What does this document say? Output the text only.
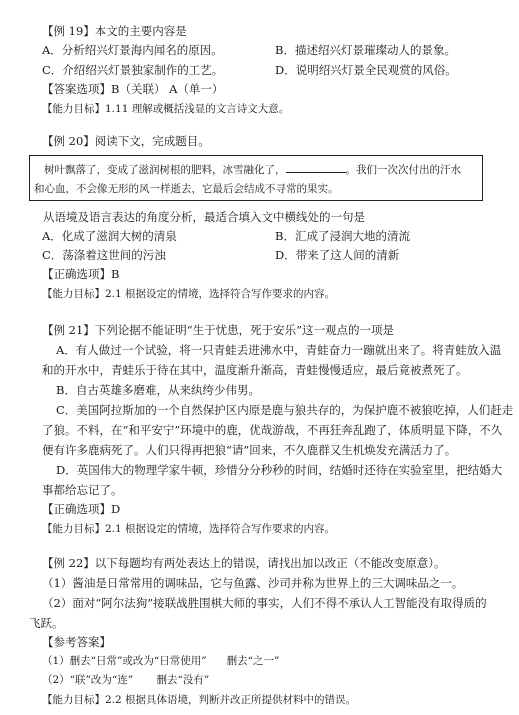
【例 19】本文的主要内容是
A．分析绍兴灯景海内闻名的原因。	B．描述绍兴灯景璀璨动人的景象。
C．介绍绍兴灯景独家制作的工艺。	D．说明绍兴灯景全民观赏的风俗。
【答案选项】B（关联） A（单一）
【能力目标】1.11 理解或概括浅显的文言诗文大意。
【例 20】阅读下文，完成题目。
树叶飘落了，变成了滋润树根的肥料，冰雪融化了，	。我们一次次付出的汗水
和心血，不会像无形的风一样逝去，它最后会结成不寻常的果实。
从语境及语言表达的角度分析，最适合填入文中横线处的一句是
A．化成了滋润大树的清泉	B．汇成了浸润大地的清流
C．荡涤着这世间的污浊	D．带来了这人间的清新
【正确选项】B
【能力目标】2.1 根据设定的情境，选择符合写作要求的内容。
【例 21】下列论据不能证明“生于忧患，死于安乐”这一观点的一项是
A．有人做过一个试验，将一只青蛙丢进沸水中，青蛙奋力一蹦就出来了。将青蛙放入温
和的开水中，青蛙乐于待在其中，温度渐升渐高，青蛙慢慢适应，最后竟被煮死了。
B．自古英雄多磨难，从来纨绔少伟男。
C．美国阿拉斯加的一个自然保护区内原是鹿与狼共存的，为保护鹿不被狼吃掉，人们赶走
了狼。不料，在“和平安宁”环境中的鹿，优哉游哉，不再狂奔乱跑了，体质明显下降，不久
便有许多鹿病死了。人们只得再把狼“请”回来，不久鹿群又生机焕发充满活力了。
D．英国伟大的物理学家牛顿，珍惜分分秒秒的时间，结婚时还待在实验室里，把结婚大
事都给忘记了。
【正确选项】D
【能力目标】2.1 根据设定的情境，选择符合写作要求的内容。
【例 22】以下每题均有两处表达上的错误，请找出加以改正（不能改变原意）。
（1）酱油是日常常用的调味品，它与鱼露、沙司并称为世界上的三大调味品之一。
（2）面对“阿尔法狗”接联战胜围棋大师的事实，人们不得不承认人工智能没有取得质的
飞跃。
【参考答案】
（1）删去“日常”或改为“日常使用”      删去“之一”
（2）“联”改为“连”       删去“没有”
【能力目标】2.2 根据具体语境，判断并改正所提供材料中的错误。
